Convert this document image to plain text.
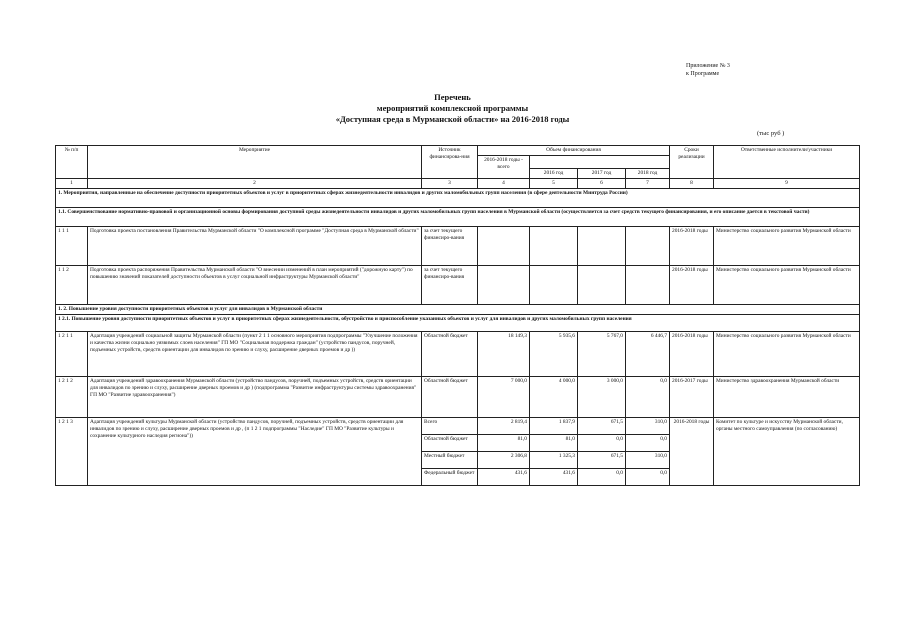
Приложение № 3
к Программе
Перечень
мероприятий комплексной программы
«Доступная среда в Мурманской области» на 2016-2018 годы
(тыс руб )
№ п/п	Мероприятие	Источник финансирова-ния	Объем финансирования				Сроки реализации	Ответственные исполнители/участники
			2016-2018 годы - всего					
				2016 год	2017 год	2018 год		
1	2	3	4	5	6	7	8	9
1. Мероприятия, направленные на обеспечение доступности приоритетных объектов и услуг в приоритетных сферах жизнедеятельности инвалидов и других маломобильных групп населения (в сфере деятельности Минтруда России)								
1.1. Совершенствование нормативно-правовой и организационной основы формирования доступной среды жизнедеятельности инвалидов и других маломобильных групп населения в Мурманской области (осуществляется за счет средств текущего финансирования, и его описание дается в текстовой части)								
1 1 1	Подготовка проекта постановления Правительства Мурманской области "О комплексной программе "Доступная среда в Мурманской области"	за счет текущего финансиро-вания					2016-2018 годы	Министерство социального развития Мурманской области
1 1 2	Подготовка проекта распоряжения Правительства Мурманской области "О внесении изменений в план мероприятий ("дорожную карту") по повышению значений показателей доступности объектов в услуг социальной инфраструктуры Мурманской области"	за счет текущего финансиро-вания					2016-2018 годы	Министерство социального развития Мурманской области
1. 2. Повышение уровня доступности приоритетных объектов и услуг для инвалидов в Мурманской области								
1 2.1. Повышение уровня доступности приоритетных объектов и услуг в приоритетных сферах жизнедеятельности, обустройство и приспособление указанных объектов и услуг для инвалидов и других маломобильных групп населения								
1 2 1 1	Адаптация учреждений социальной защиты Мурманской области (пункт 2 1 1 основного мероприятия подпрограммы "Улучшение положения и качества жизни социально уязвимых слоев населения" ГП МО "Социальная поддержка граждан" (устройство пандусов, поручней, подъемных устройств, средств ориентации для инвалидов по зрению и слуху, расширение дверных проемов и др ))	Областной бюджет	18 149,3	5 935,6	5 767,0	6 446,7	2016-2018 годы	Министерство социального развития Мурманской области
1 2 1 2	Адаптация учреждений здравоохранения Мурманской области (устройство пандусов, поручней, подъемных устройств, средств ориентации для инвалидов по зрению и слуху, расширение дверных проемов и др ) (подпрограмма "Развитие инфраструктуры системы здравоохранения" ГП МО "Развитие здравоохранения")	Областной бюджет	7 000,0	4 000,0	3 000,0	0,0	2016-2017 годы	Министерство здравоохранения Мурманской области
1 2 1 3	Адаптация учреждений культуры Мурманской области (устройство пандусов, поручней, подъемных устройств, средств ориентации для инвалидов по зрению и слуху, расширение дверных проемов и др , (п 1 2 1 подпрограммы "Наследие" ГП МО "Развитие культуры и сохранение культурного наследия региона"))	Всего	2 819,4	1 837,9	671,5	310,0	2016-2018 годы	Комитет по культуре и искусству Мурманской области, органы местного самоуправления (по согласованию)
		Областной бюджет	81,0	81,0	0,0	0,0		
		Местный бюджет	2 306,8	1 325,3	671,5	310,0		
		Федеральный бюджет	431,6	431,6	0,0	0,0		
